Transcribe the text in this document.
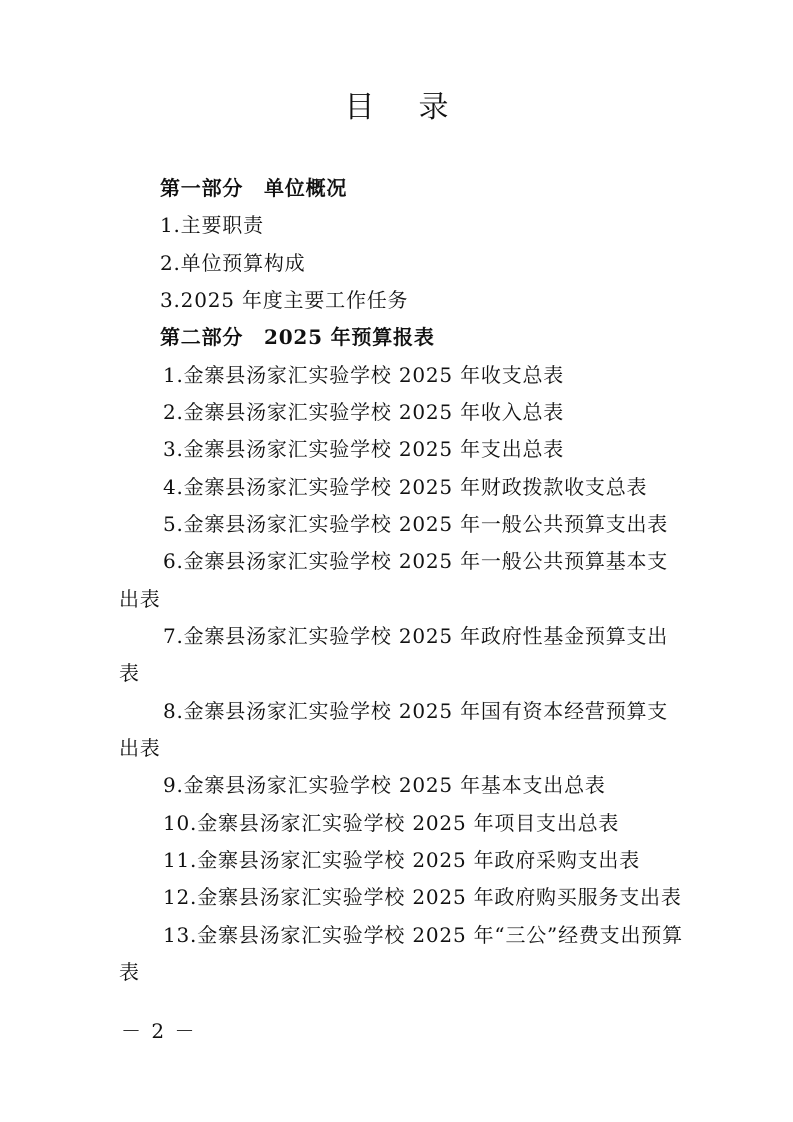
目录
第一部分　单位概况
1.主要职责
2.单位预算构成
3.2025 年度主要工作任务
第二部分　2025 年预算报表
1.金寨县汤家汇实验学校 2025 年收支总表
2.金寨县汤家汇实验学校 2025 年收入总表
3.金寨县汤家汇实验学校 2025 年支出总表
4.金寨县汤家汇实验学校 2025 年财政拨款收支总表
5.金寨县汤家汇实验学校 2025 年一般公共预算支出表
6.金寨县汤家汇实验学校 2025 年一般公共预算基本支
出表
7.金寨县汤家汇实验学校 2025 年政府性基金预算支出
表
8.金寨县汤家汇实验学校 2025 年国有资本经营预算支
出表
9.金寨县汤家汇实验学校 2025 年基本支出总表
10.金寨县汤家汇实验学校 2025 年项目支出总表
11.金寨县汤家汇实验学校 2025 年政府采购支出表
12.金寨县汤家汇实验学校 2025 年政府购买服务支出表
13.金寨县汤家汇实验学校 2025 年“三公”经费支出预算
表
－ 2 －
